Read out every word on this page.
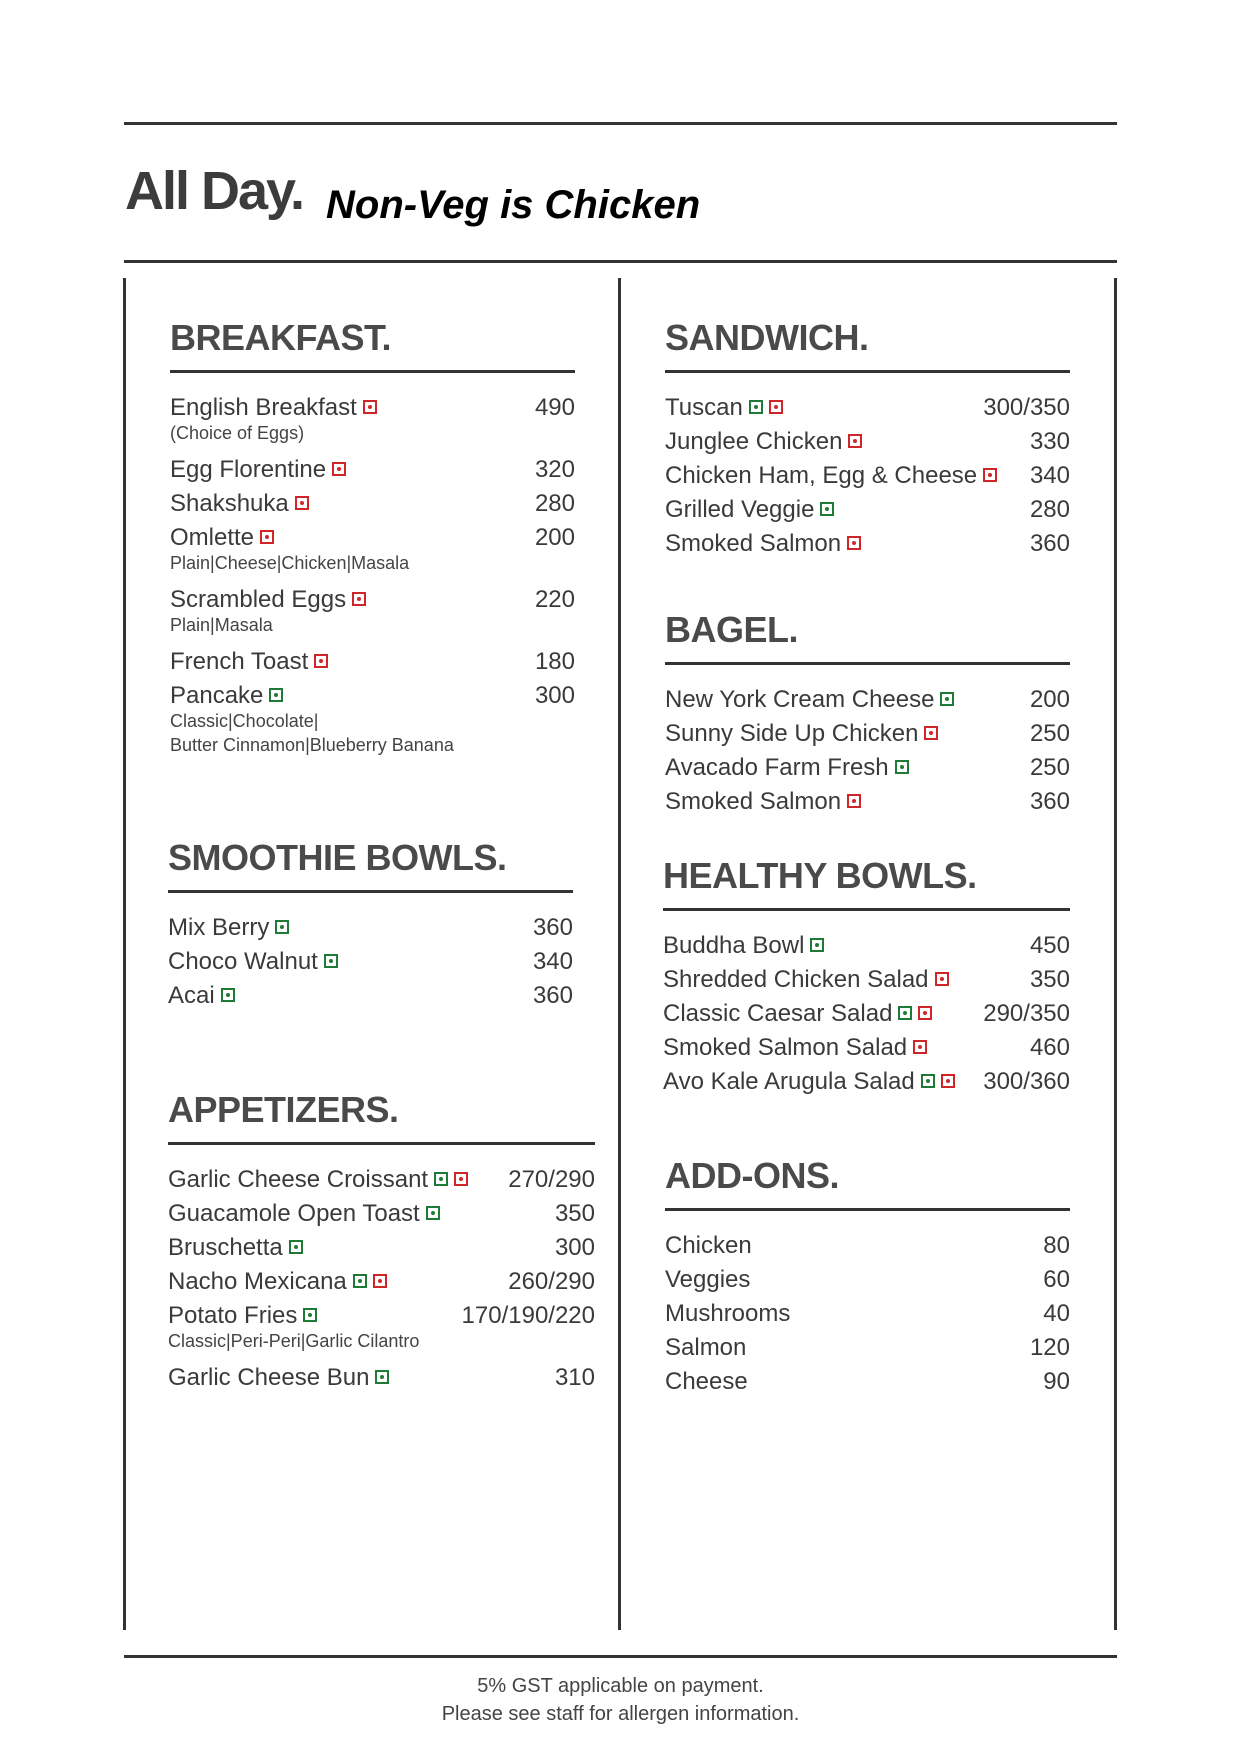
All Day. Non-Veg is Chicken

BREAKFAST.
English Breakfast	490
(Choice of Eggs)
Egg Florentine	320
Shakshuka	280
Omlette	200
Plain|Cheese|Chicken|Masala
Scrambled Eggs	220
Plain|Masala
French Toast	180
Pancake	300
Classic|Chocolate|
Butter Cinnamon|Blueberry Banana
SMOOTHIE BOWLS.
Mix Berry	360
Choco Walnut	340
Acai	360
APPETIZERS.
Garlic Cheese Croissant	270/290
Guacamole Open Toast	350
Bruschetta	300
Nacho Mexicana	260/290
Potato Fries	170/190/220
Classic|Peri-Peri|Garlic Cilantro
Garlic Cheese Bun	310
SANDWICH.
Tuscan	300/350
Junglee Chicken	330
Chicken Ham, Egg & Cheese 340
Grilled Veggie	280
Smoked Salmon	360
BAGEL.
New York Cream Cheese	200
Sunny Side Up Chicken	250
Avacado Farm Fresh	250
Smoked Salmon	360
HEALTHY BOWLS.
Buddha Bowl	450
Shredded Chicken Salad	350
Classic Caesar Salad	290/350
Smoked Salmon Salad	460
Avo Kale Arugula Salad	300/360
ADD-ONS.
Chicken	80
Veggies	60
Mushrooms	40
Salmon	120
Cheese	90
5% GST applicable on payment.
Please see staff for allergen information.
